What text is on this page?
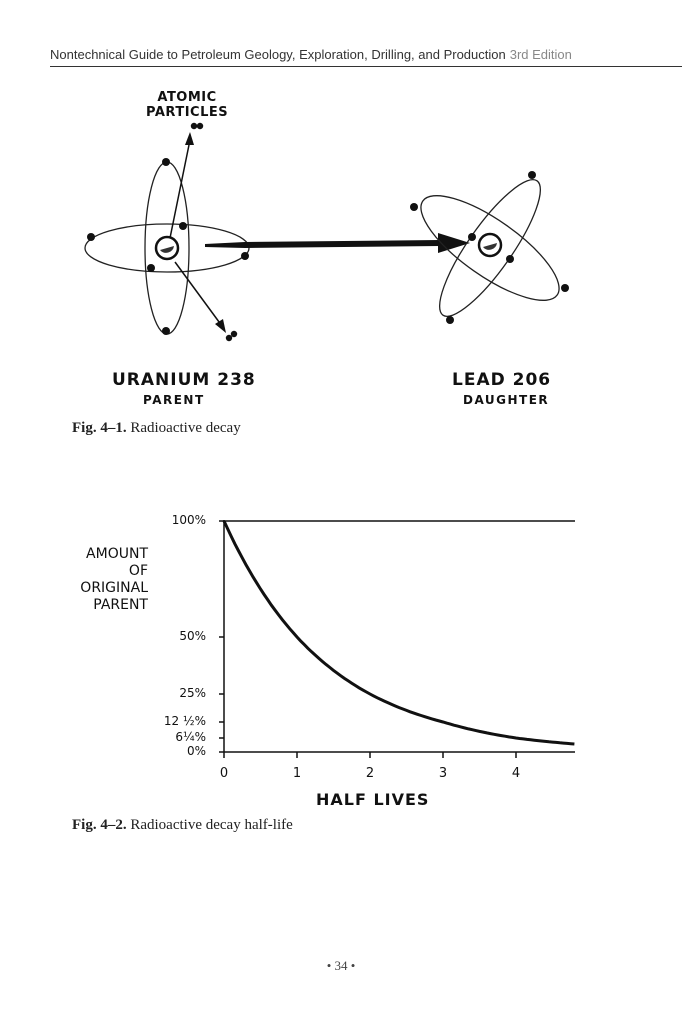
Nontechnical Guide to Petroleum Geology, Exploration, Drilling, and Production 3rd Edition
ATOMIC
PARTICLES
URANIUM 238
PARENT
LEAD 206
DAUGHTER
Fig. 4–1. Radioactive decay
AMOUNT
OF
ORIGINAL
PARENT
100%
50%
25%
12 ½%
6¼%
0%
0	1	2	3	4
HALF LIVES
Fig. 4–2. Radioactive decay half-life
• 34 •
